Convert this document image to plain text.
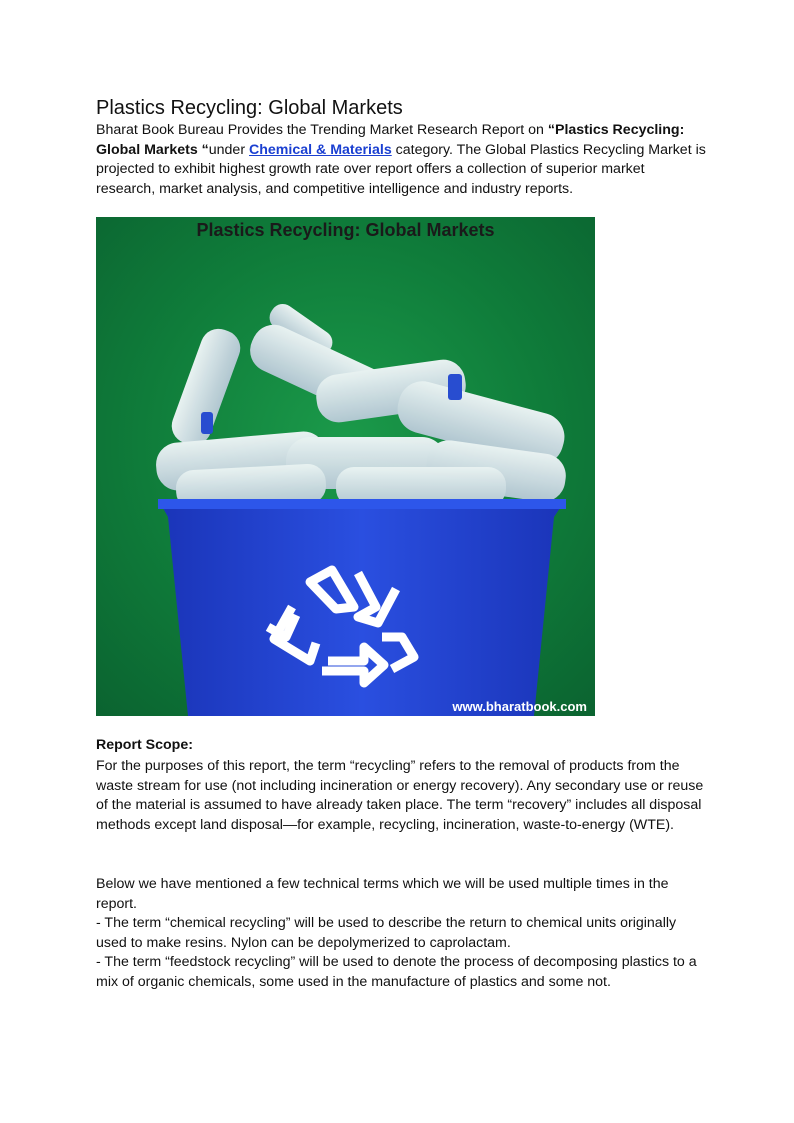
Plastics Recycling: Global Markets

Bharat Book Bureau Provides the Trending Market Research Report on “Plastics Recycling: Global Markets “under Chemical & Materials category. The Global Plastics Recycling Market is projected to exhibit highest growth rate over report offers a collection of superior market research, market analysis, and competitive intelligence and industry reports.

Plastics Recycling: Global Markets
www.bharatbook.com
Report Scope:

For the purposes of this report, the term “recycling” refers to the removal of products from the waste stream for use (not including incineration or energy recovery). Any secondary use or reuse of the material is assumed to have already taken place. The term “recovery” includes all disposal methods except land disposal—for example, recycling, incineration, waste-to-energy (WTE).

Below we have mentioned a few technical terms which we will be used multiple times in the report.

- The term “chemical recycling” will be used to describe the return to chemical units originally used to make resins. Nylon can be depolymerized to caprolactam.

- The term “feedstock recycling” will be used to denote the process of decomposing plastics to a mix of organic chemicals, some used in the manufacture of plastics and some not.
